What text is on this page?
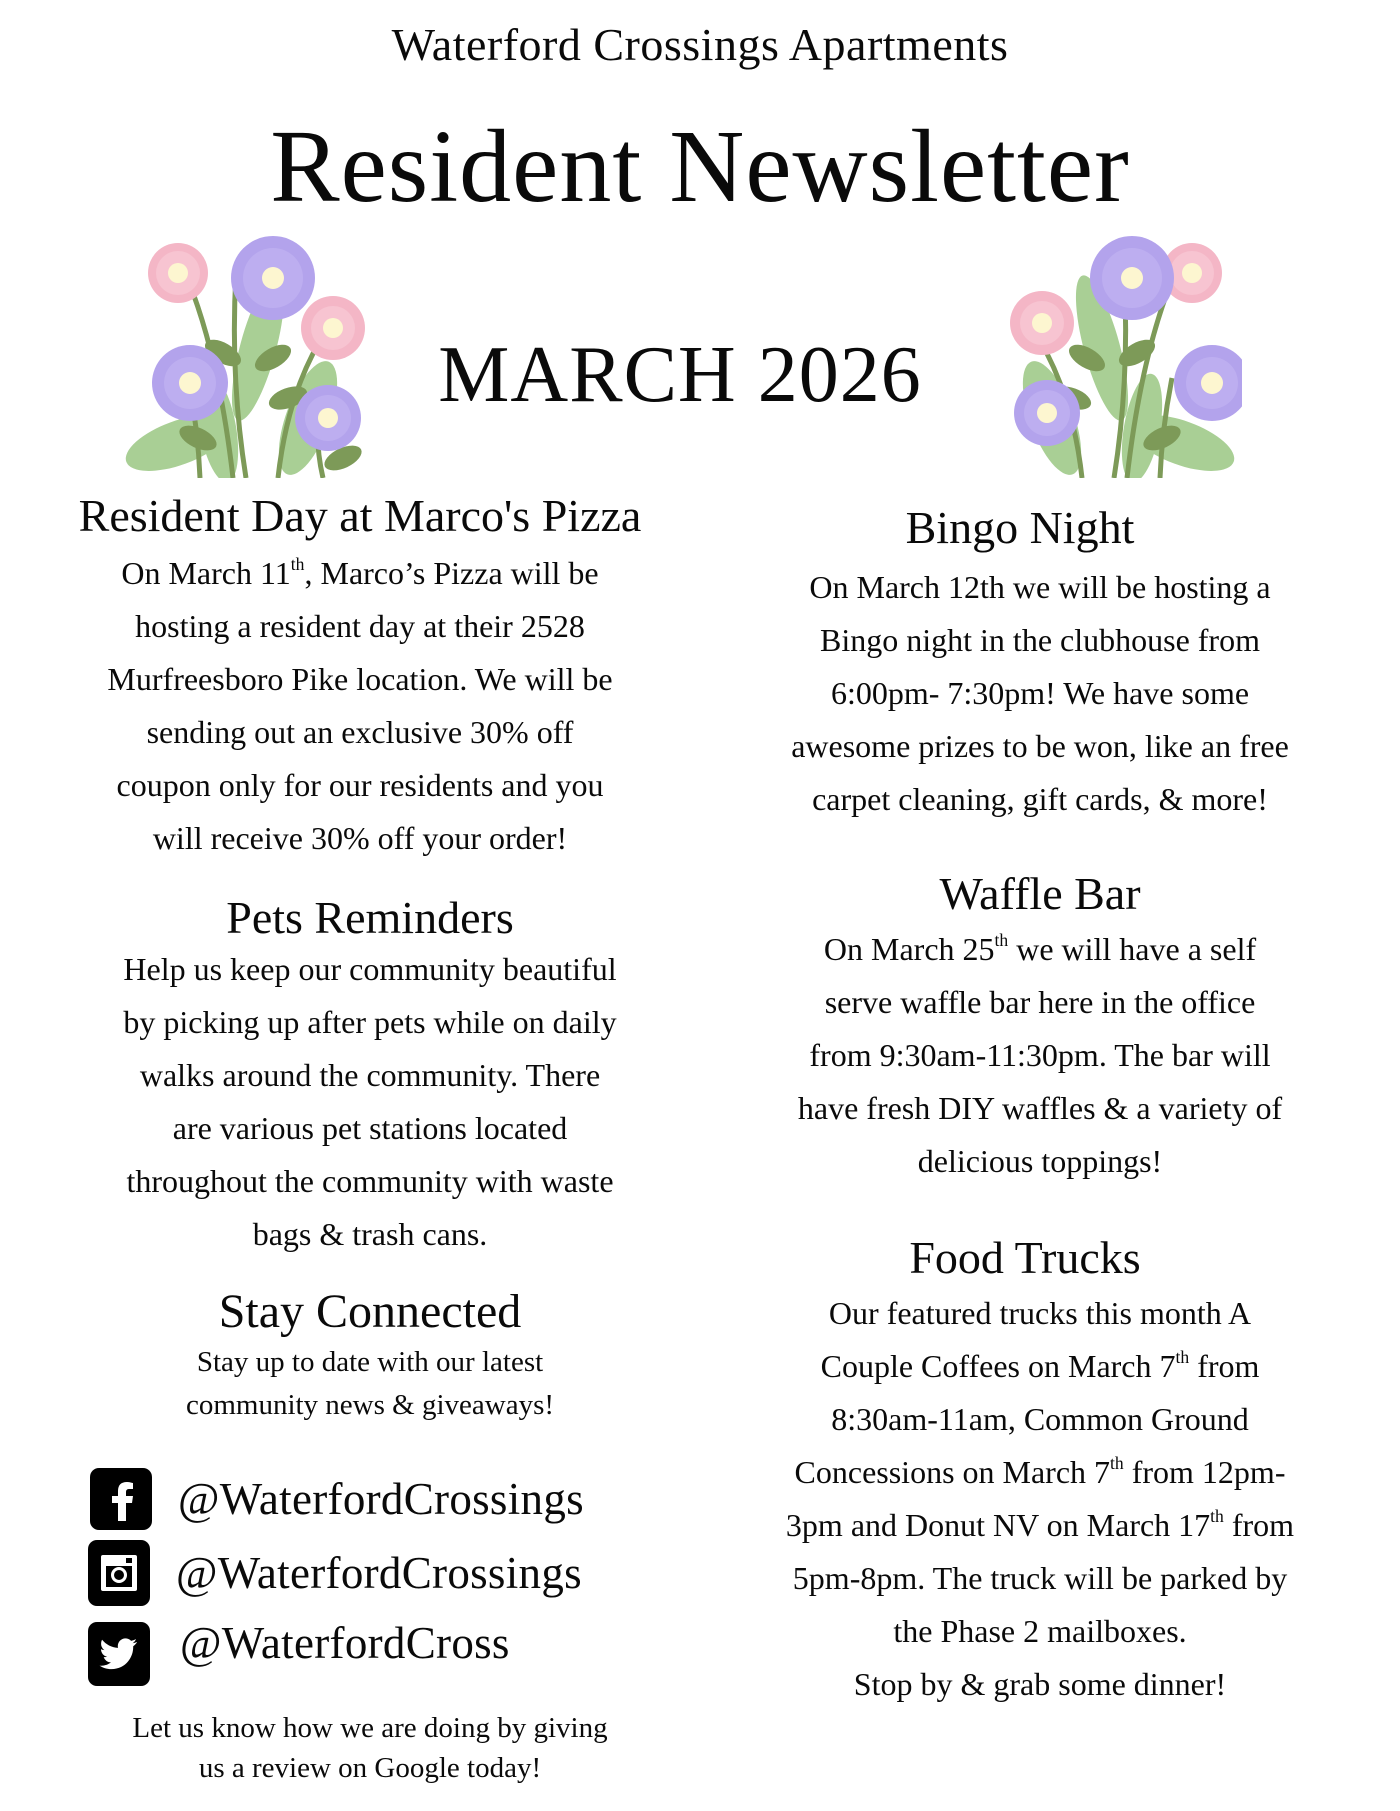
Waterford Crossings Apartments
Resident Newsletter
MARCH 2026
Resident Day at Marco's Pizza
On March 11th, Marco’s Pizza will be
hosting a resident day at their 2528
Murfreesboro Pike location. We will be
sending out an exclusive 30% off
coupon only for our residents and you
will receive 30% off your order!
Pets Reminders
Help us keep our community beautiful
by picking up after pets while on daily
walks around the community. There
are various pet stations located
throughout the community with waste
bags & trash cans.
Stay Connected
Stay up to date with our latest
community news & giveaways!
@WaterfordCrossings
@WaterfordCrossings
@WaterfordCross
Let us know how we are doing by giving
us a review on Google today!
Bingo Night
On March 12th we will be hosting a
Bingo night in the clubhouse from
6:00pm- 7:30pm! We have some
awesome prizes to be won, like an free
carpet cleaning, gift cards, & more!
Waffle Bar
On March 25th we will have a self
serve waffle bar here in the office
from 9:30am-11:30pm. The bar will
have fresh DIY waffles & a variety of
delicious toppings!
Food Trucks
Our featured trucks this month A
Couple Coffees on March 7th from
8:30am-11am, Common Ground
Concessions on March 7th from 12pm-
3pm and Donut NV on March 17th from
5pm-8pm. The truck will be parked by
the Phase 2 mailboxes.
Stop by & grab some dinner!
